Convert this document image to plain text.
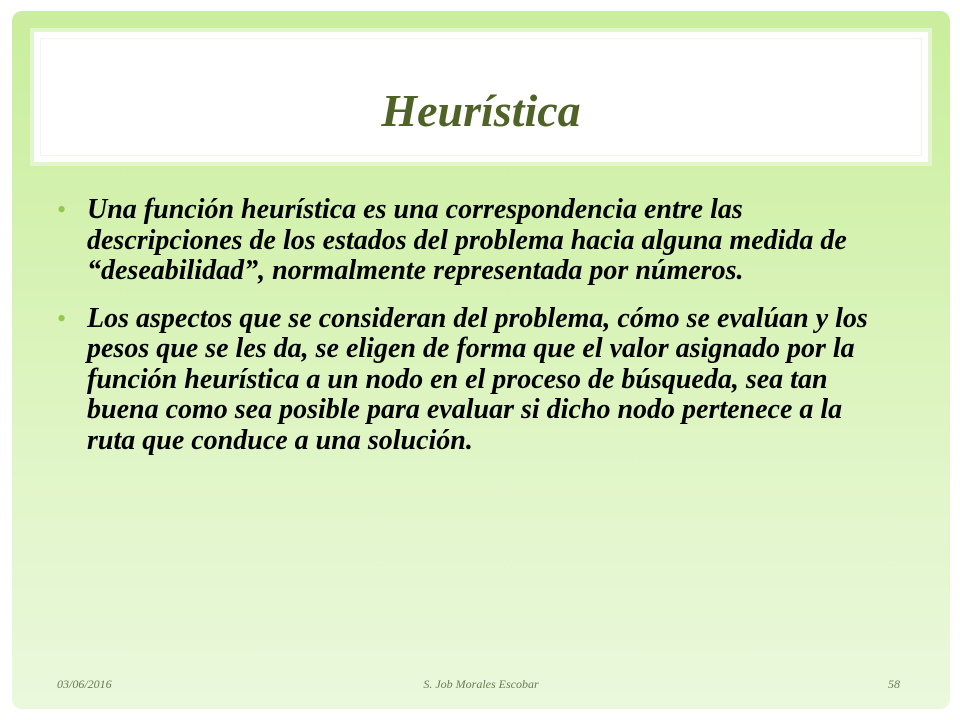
Heurística
• Una función heurística es una correspondencia entre las descripciones de los estados del problema hacia alguna medida de “deseabilidad”, normalmente representada por números.
• Los aspectos que se consideran del problema, cómo se evalúan y los pesos que se les da, se eligen de forma que el valor asignado por la función heurística a un nodo en el proceso de búsqueda, sea tan buena como sea posible para evaluar si dicho nodo pertenece a la ruta que conduce a una solución.
S. Job Morales Escobar
03/06/2016	58
